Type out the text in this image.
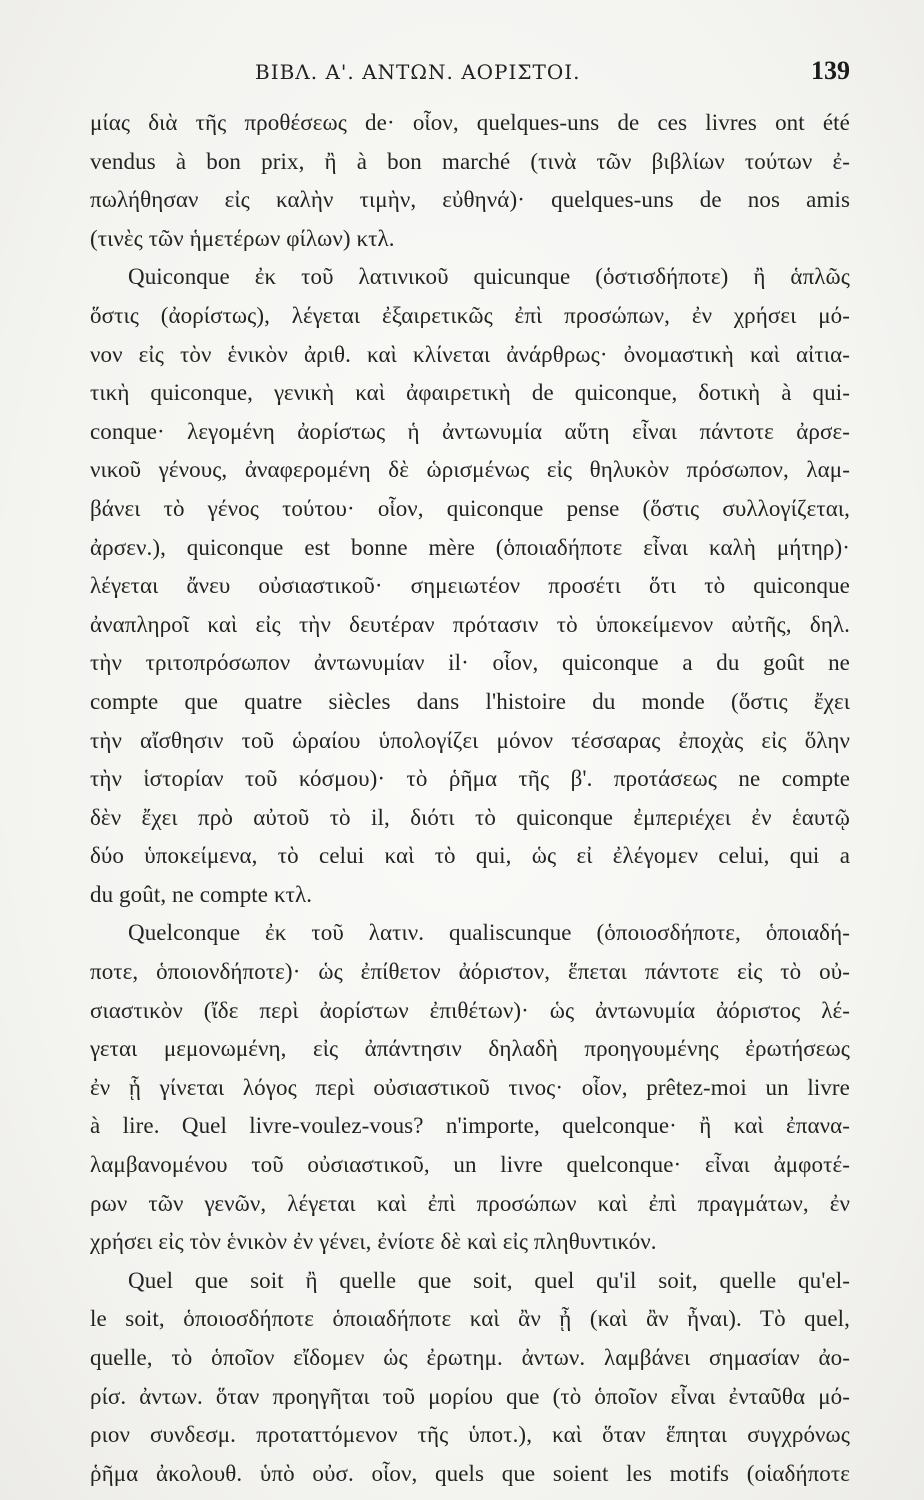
ΒΙΒΛ. Α'. ΑΝΤΩΝ. ΑΟΡΙΣΤΟΙ.	139
μίας διὰ τῆς προθέσεως de· οἷον, quelques-uns de ces livres ont été
vendus à bon prix, ἢ à bon marché (τινὰ τῶν βιβλίων τούτων ἐ-
πωλήθησαν εἰς καλὴν τιμὴν, εὐθηνά)· quelques-uns de nos amis
(τινὲς τῶν ἡμετέρων φίλων) κτλ.
Quiconque ἐκ τοῦ λατινικοῦ quicunque (ὁστισδήποτε) ἢ ἁπλῶς
ὅστις (ἀορίστως), λέγεται ἐξαιρετικῶς ἐπὶ προσώπων, ἐν χρήσει μό-
νον εἰς τὸν ἑνικὸν ἀριθ. καὶ κλίνεται ἀνάρθρως· ὀνομαστικὴ καὶ αἰτια-
τικὴ quiconque, γενικὴ καὶ ἀφαιρετικὴ de quiconque, δοτικὴ à qui-
conque· λεγομένη ἀορίστως ἡ ἀντωνυμία αὕτη εἶναι πάντοτε ἀρσε-
νικοῦ γένους, ἀναφερομένη δὲ ὡρισμένως εἰς θηλυκὸν πρόσωπον, λαμ-
βάνει τὸ γένος τούτου· οἷον, quiconque pense (ὅστις συλλογίζεται,
ἀρσεν.), quiconque est bonne mère (ὁποιαδήποτε εἶναι καλὴ μήτηρ)·
λέγεται ἄνευ οὐσιαστικοῦ· σημειωτέον προσέτι ὅτι τὸ quiconque
ἀναπληροῖ καὶ εἰς τὴν δευτέραν πρότασιν τὸ ὑποκείμενον αὐτῆς, δηλ.
τὴν τριτοπρόσωπον ἀντωνυμίαν il· οἷον, quiconque a du goût ne
compte que quatre siècles dans l'histoire du monde (ὅστις ἔχει
τὴν αἴσθησιν τοῦ ὡραίου ὑπολογίζει μόνον τέσσαρας ἐποχὰς εἰς ὅλην
τὴν ἱστορίαν τοῦ κόσμου)· τὸ ῥῆμα τῆς β'. προτάσεως ne compte
δὲν ἔχει πρὸ αὐτοῦ τὸ il, διότι τὸ quiconque ἐμπεριέχει ἐν ἑαυτῷ
δύο ὑποκείμενα, τὸ celui καὶ τὸ qui, ὡς εἰ ἐλέγομεν celui, qui a
du goût, ne compte κτλ.
Quelconque ἐκ τοῦ λατιν. qualiscunque (ὁποιοσδήποτε, ὁποιαδή-
ποτε, ὁποιονδήποτε)· ὡς ἐπίθετον ἀόριστον, ἕπεται πάντοτε εἰς τὸ οὐ-
σιαστικὸν (ἴδε περὶ ἀορίστων ἐπιθέτων)· ὡς ἀντωνυμία ἀόριστος λέ-
γεται μεμονωμένη, εἰς ἀπάντησιν δηλαδὴ προηγουμένης ἐρωτήσεως
ἐν ᾗ γίνεται λόγος περὶ οὐσιαστικοῦ τινος· οἷον, prêtez-moi un livre
à lire. Quel livre-voulez-vous? n'importe, quelconque· ἢ καὶ ἐπανα-
λαμβανομένου τοῦ οὐσιαστικοῦ, un livre quelconque· εἶναι ἀμφοτέ-
ρων τῶν γενῶν, λέγεται καὶ ἐπὶ προσώπων καὶ ἐπὶ πραγμάτων, ἐν
χρήσει εἰς τὸν ἑνικὸν ἐν γένει, ἐνίοτε δὲ καὶ εἰς πληθυντικόν.
Quel que soit ἢ quelle que soit, quel qu'il soit, quelle qu'el-
le soit, ὁποιοσδήποτε ὁποιαδήποτε καὶ ἂν ᾖ (καὶ ἂν ἦναι). Τὸ quel,
quelle, τὸ ὁποῖον εἴδομεν ὡς ἐρωτημ. ἀντων. λαμβάνει σημασίαν ἀο-
ρίσ. ἀντων. ὅταν προηγῆται τοῦ μορίου que (τὸ ὁποῖον εἶναι ἐνταῦθα μό-
ριον συνδεσμ. προταττόμενον τῆς ὑποτ.), καὶ ὅταν ἕπηται συγχρόνως
ῥῆμα ἀκολουθ. ὑπὸ οὐσ. οἷον, quels que soient les motifs (οἱαδήποτε
